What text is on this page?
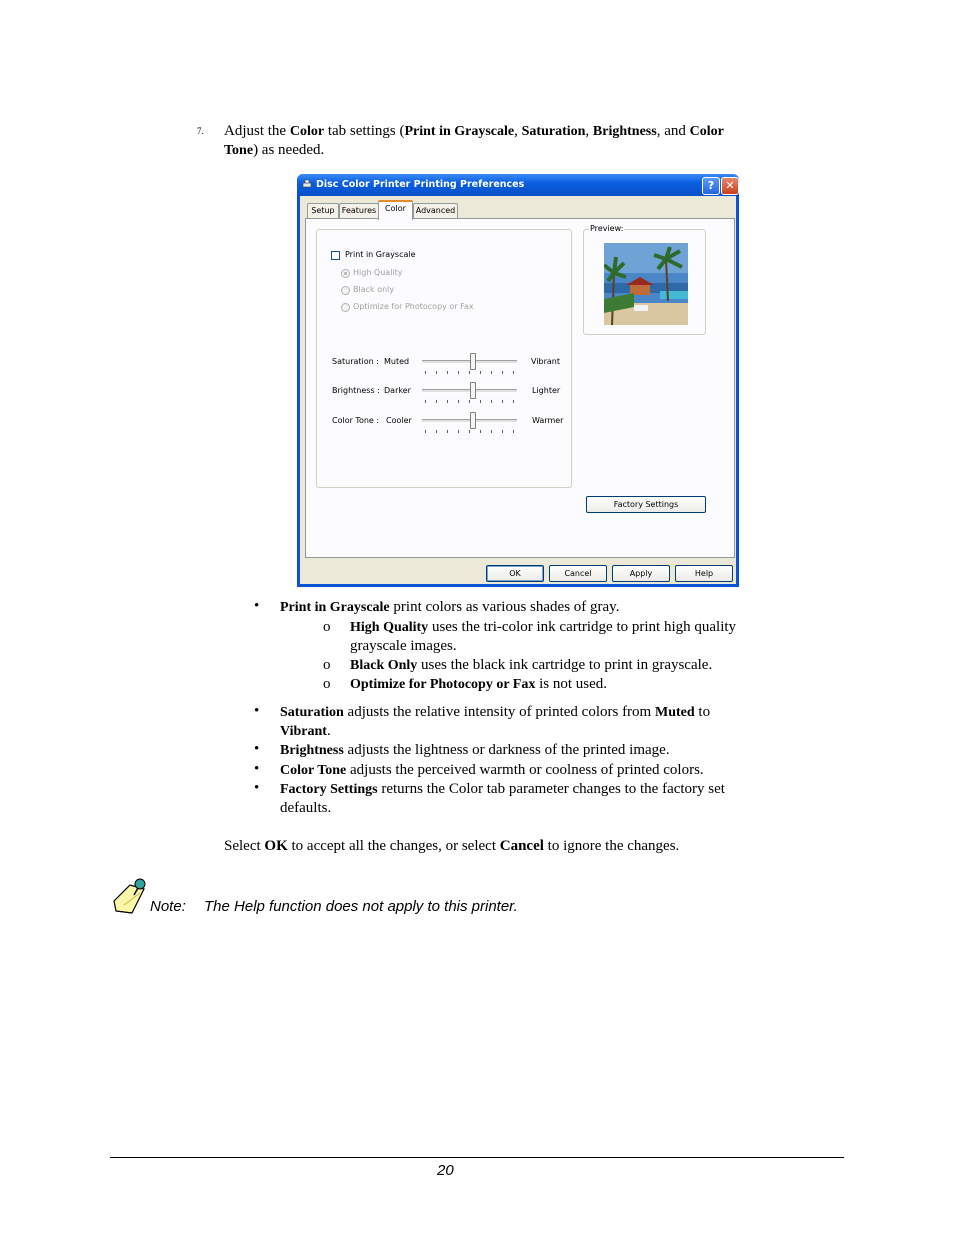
7. Adjust the Color tab settings (Print in Grayscale, Saturation, Brightness, and Color
Tone) as needed.
Disc Color Printer Printing Preferences	?	✕
Setup Features	Color	Advanced
Print in Grayscale
High Quality
Black only
Optimize for Photocopy or Fax
Saturation : Muted	Vibrant
Brightness : Darker	Lighter
Color Tone : Cooler	Warmer
Preview:
Factory Settings
OK	Cancel	Apply	Help
• Print in Grayscale print colors as various shades of gray.
o High Quality uses the tri-color ink cartridge to print high quality
grayscale images.
o Black Only uses the black ink cartridge to print in grayscale.
o Optimize for Photocopy or Fax is not used.
• Saturation adjusts the relative intensity of printed colors from Muted to
Vibrant.
• Brightness adjusts the lightness or darkness of the printed image.
• Color Tone adjusts the perceived warmth or coolness of printed colors.
• Factory Settings returns the Color tab parameter changes to the factory set
defaults.
Select OK to accept all the changes, or select Cancel to ignore the changes.
Note: The Help function does not apply to this printer.
20
